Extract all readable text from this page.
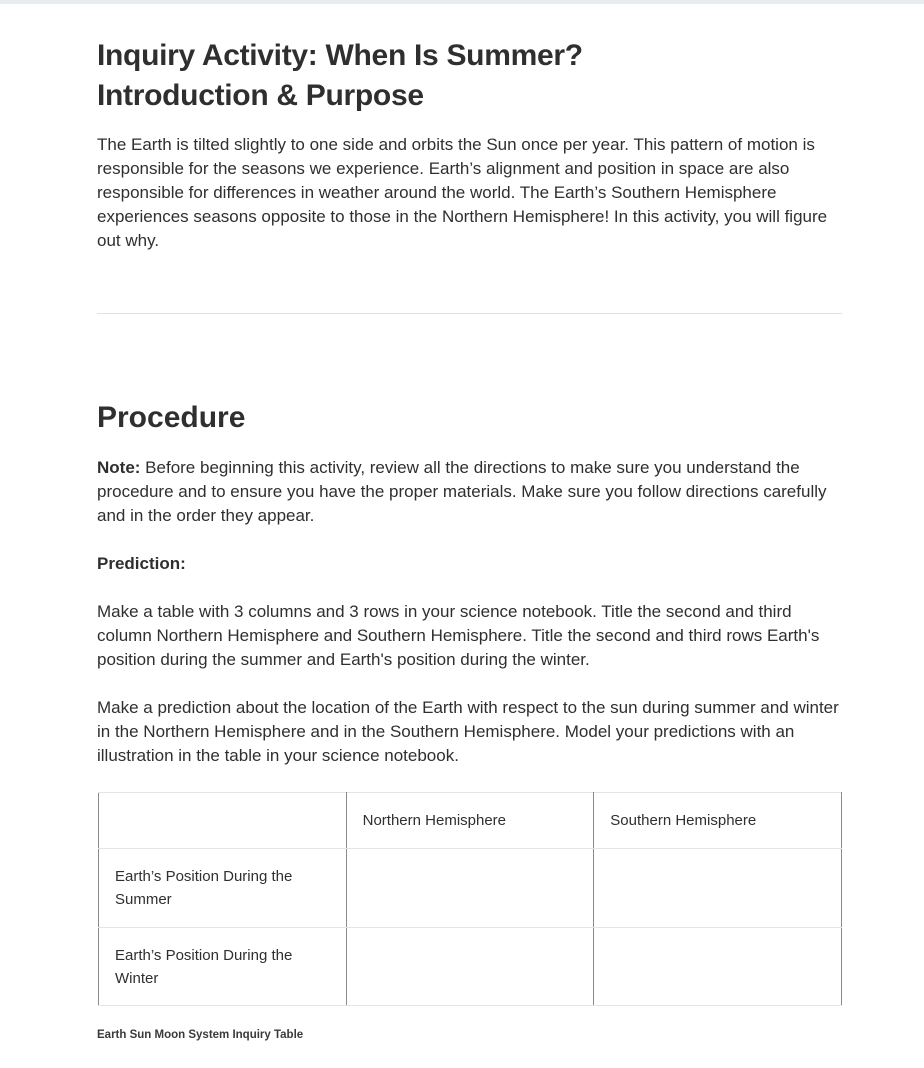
Inquiry Activity: When Is Summer?
Introduction & Purpose

The Earth is tilted slightly to one side and orbits the Sun once per year. This pattern of motion is responsible for the seasons we experience. Earth’s alignment and position in space are also responsible for differences in weather around the world. The Earth’s Southern Hemisphere experiences seasons opposite to those in the Northern Hemisphere! In this activity, you will figure out why.

Procedure

Note: Before beginning this activity, review all the directions to make sure you understand the procedure and to ensure you have the proper materials. Make sure you follow directions carefully and in the order they appear.

Prediction:

Make a table with 3 columns and 3 rows in your science notebook. Title the second and third column Northern Hemisphere and Southern Hemisphere. Title the second and third rows Earth's position during the summer and Earth's position during the winter.

Make a prediction about the location of the Earth with respect to the sun during summer and winter in the Northern Hemisphere and in the Southern Hemisphere. Model your predictions with an illustration in the table in your science notebook.

	Northern Hemisphere	Southern Hemisphere
Earth’s Position During the Summer		
Earth’s Position During the Winter		
Earth Sun Moon System Inquiry Table
